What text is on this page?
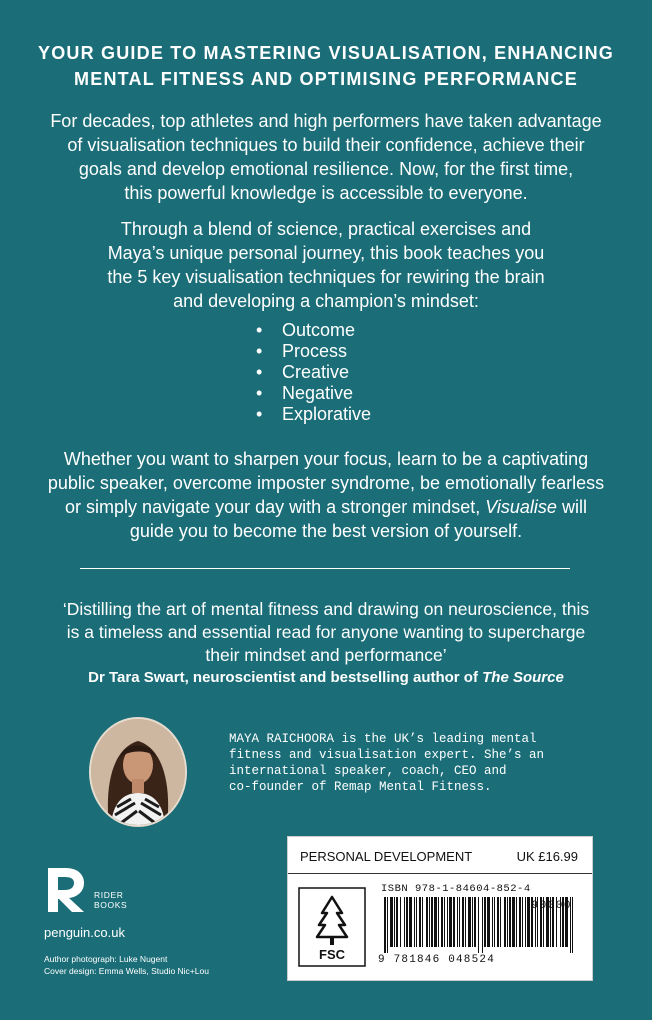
YOUR GUIDE TO MASTERING VISUALISATION, ENHANCING
MENTAL FITNESS AND OPTIMISING PERFORMANCE
For decades, top athletes and high performers have taken advantage
of visualisation techniques to build their confidence, achieve their
goals and develop emotional resilience. Now, for the first time,
this powerful knowledge is accessible to everyone.
Through a blend of science, practical exercises and
Maya’s unique personal journey, this book teaches you
the 5 key visualisation techniques for rewiring the brain
and developing a champion’s mindset:
• Outcome
• Process
• Creative
• Negative
• Explorative
Whether you want to sharpen your focus, learn to be a captivating
public speaker, overcome imposter syndrome, be emotionally fearless
or simply navigate your day with a stronger mindset, Visualise will
guide you to become the best version of yourself.
‘Distilling the art of mental fitness and drawing on neuroscience, this
is a timeless and essential read for anyone wanting to supercharge
their mindset and performance’
Dr Tara Swart, neuroscientist and bestselling author of The Source
MAYA RAICHOORA is the UK’s leading mental
fitness and visualisation expert. She’s an
international speaker, coach, CEO and
co-founder of Remap Mental Fitness.
RIDER
BOOKS
penguin.co.uk
Author photograph: Luke Nugent
Cover design: Emma Wells, Studio Nic+Lou
PERSONAL DEVELOPMENT	UK £16.99
FSC
ISBN 978-1-84604-852-4
9 781846 048524
90000
